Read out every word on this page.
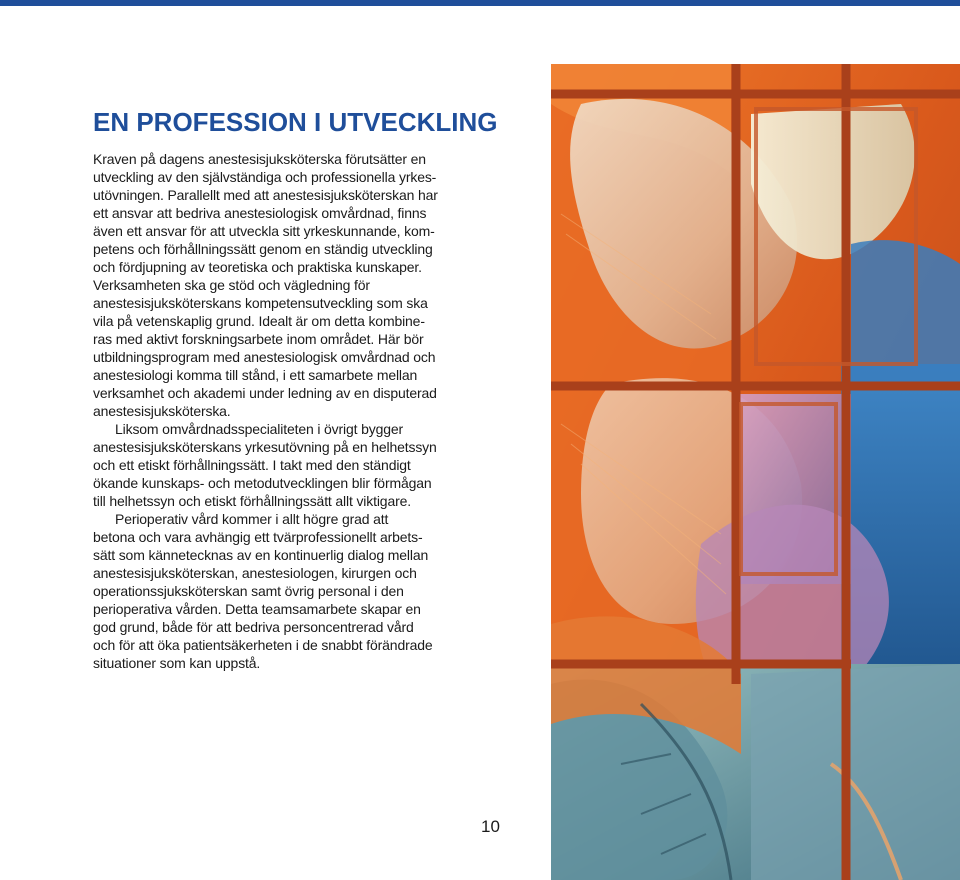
EN PROFESSION I UTVECKLING

Kraven på dagens anestesisjuksköterska förutsätter en
utveckling av den självständiga och professionella yrkes-
utövningen. Parallellt med att anestesisjuksköterskan har
ett ansvar att bedriva anestesiologisk omvårdnad, finns
även ett ansvar för att utveckla sitt yrkeskunnande, kom-
petens och förhållningssätt genom en ständig utveckling
och fördjupning av teoretiska och praktiska kunskaper.

Verksamheten ska ge stöd och vägledning för
anestesisjuksköterskans kompetensutveckling som ska
vila på vetenskaplig grund. Idealt är om detta kombine-
ras med aktivt forskningsarbete inom området. Här bör
utbildningsprogram med anestesiologisk omvårdnad och
anestesiologi komma till stånd, i ett samarbete mellan
verksamhet och akademi under ledning av en disputerad
anestesisjuksköterska.

Liksom omvårdnadsspecialiteten i övrigt bygger
anestesisjuksköterskans yrkesutövning på en helhetssyn
och ett etiskt förhållningssätt. I takt med den ständigt
ökande kunskaps- och metodutvecklingen blir förmågan
till helhetssyn och etiskt förhållningssätt allt viktigare.

Perioperativ vård kommer i allt högre grad att
betona och vara avhängig ett tvärprofessionellt arbets-
sätt som kännetecknas av en kontinuerlig dialog mellan
anestesisjuksköterskan, anestesiologen, kirurgen och
operationssjuksköterskan samt övrig personal i den
perioperativa vården. Detta teamsamarbete skapar en
god grund, både för att bedriva personcentrerad vård
och för att öka patientsäkerheten i de snabbt förändrade
situationer som kan uppstå.

10
